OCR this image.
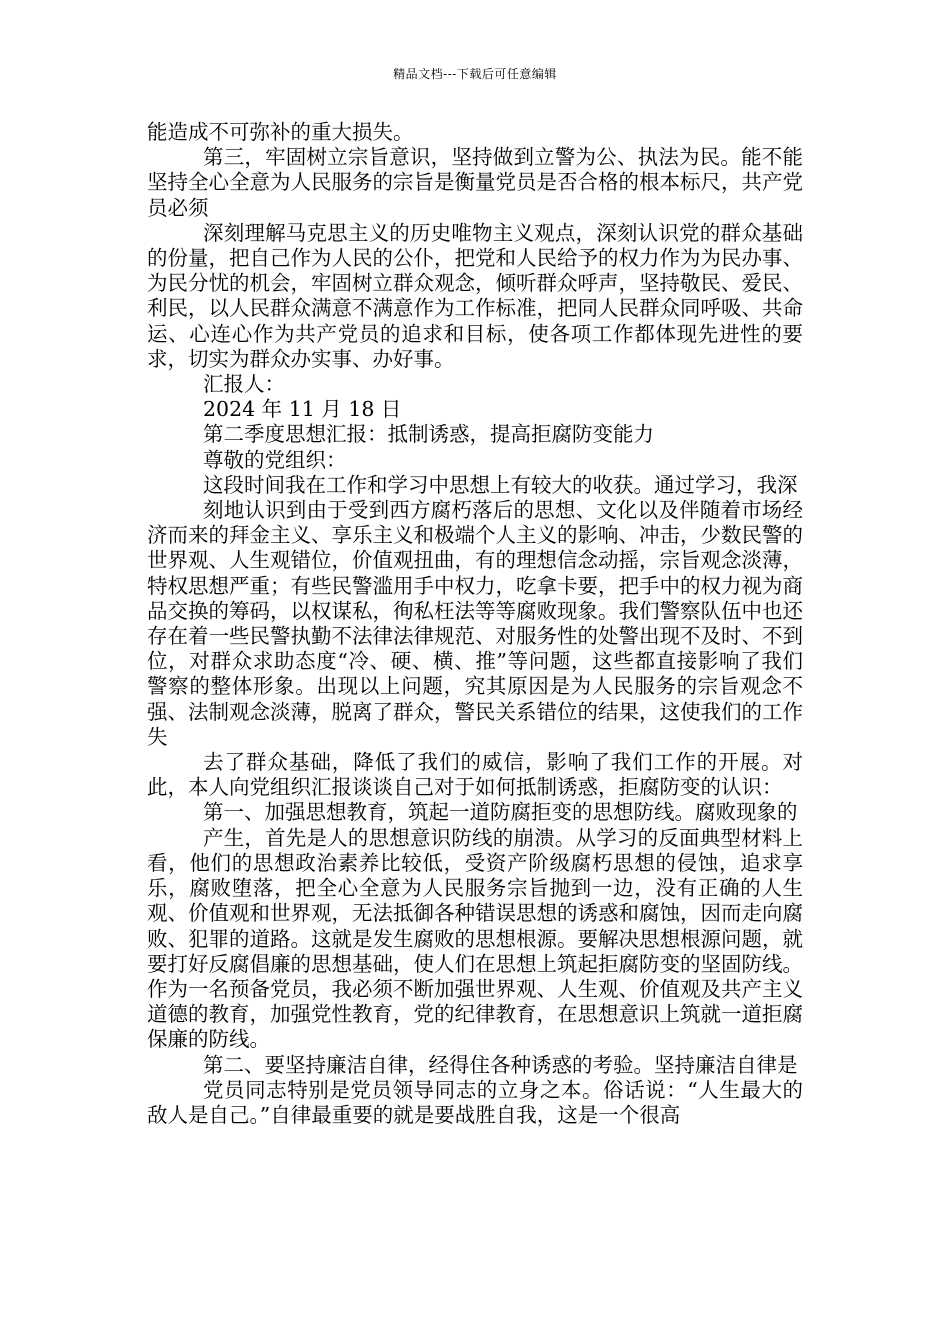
精品文档---下载后可任意编辑

能造成不可弥补的重大损失。

第三，牢固树立宗旨意识，坚持做到立警为公、执法为民。能不能坚持全心全意为人民服务的宗旨是衡量党员是否合格的根本标尺，共产党员必须

深刻理解马克思主义的历史唯物主义观点，深刻认识党的群众基础的份量，把自己作为人民的公仆，把党和人民给予的权力作为为民办事、为民分忧的机会，牢固树立群众观念，倾听群众呼声，坚持敬民、爱民、利民，以人民群众满意不满意作为工作标准，把同人民群众同呼吸、共命运、心连心作为共产党员的追求和目标，使各项工作都体现先进性的要求，切实为群众办实事、办好事。

汇报人：

2024 年 11 月 18 日

第二季度思想汇报：抵制诱惑，提高拒腐防变能力

尊敬的党组织：

这段时间我在工作和学习中思想上有较大的收获。通过学习，我深

刻地认识到由于受到西方腐朽落后的思想、文化以及伴随着市场经济而来的拜金主义、享乐主义和极端个人主义的影响、冲击，少数民警的世界观、人生观错位，价值观扭曲，有的理想信念动摇，宗旨观念淡薄，特权思想严重；有些民警滥用手中权力，吃拿卡要，把手中的权力视为商品交换的筹码，以权谋私，徇私枉法等等腐败现象。我们警察队伍中也还存在着一些民警执勤不法律法律规范、对服务性的处警出现不及时、不到位，对群众求助态度“冷、硬、横、推”等问题，这些都直接影响了我们警察的整体形象。出现以上问题，究其原因是为人民服务的宗旨观念不强、法制观念淡薄，脱离了群众，警民关系错位的结果，这使我们的工作失

去了群众基础，降低了我们的威信，影响了我们工作的开展。对此，本人向党组织汇报谈谈自己对于如何抵制诱惑，拒腐防变的认识：

第一、加强思想教育，筑起一道防腐拒变的思想防线。腐败现象的

产生，首先是人的思想意识防线的崩溃。从学习的反面典型材料上看，他们的思想政治素养比较低，受资产阶级腐朽思想的侵蚀，追求享乐，腐败堕落，把全心全意为人民服务宗旨抛到一边，没有正确的人生观、价值观和世界观，无法抵御各种错误思想的诱惑和腐蚀，因而走向腐败、犯罪的道路。这就是发生腐败的思想根源。要解决思想根源问题，就要打好反腐倡廉的思想基础，使人们在思想上筑起拒腐防变的坚固防线。作为一名预备党员，我必须不断加强世界观、人生观、价值观及共产主义道德的教育，加强党性教育，党的纪律教育，在思想意识上筑就一道拒腐保廉的防线。

第二、要坚持廉洁自律，经得住各种诱惑的考验。坚持廉洁自律是

党员同志特别是党员领导同志的立身之本。俗话说：“人生最大的敌人是自己。”自律最重要的就是要战胜自我，这是一个很高
